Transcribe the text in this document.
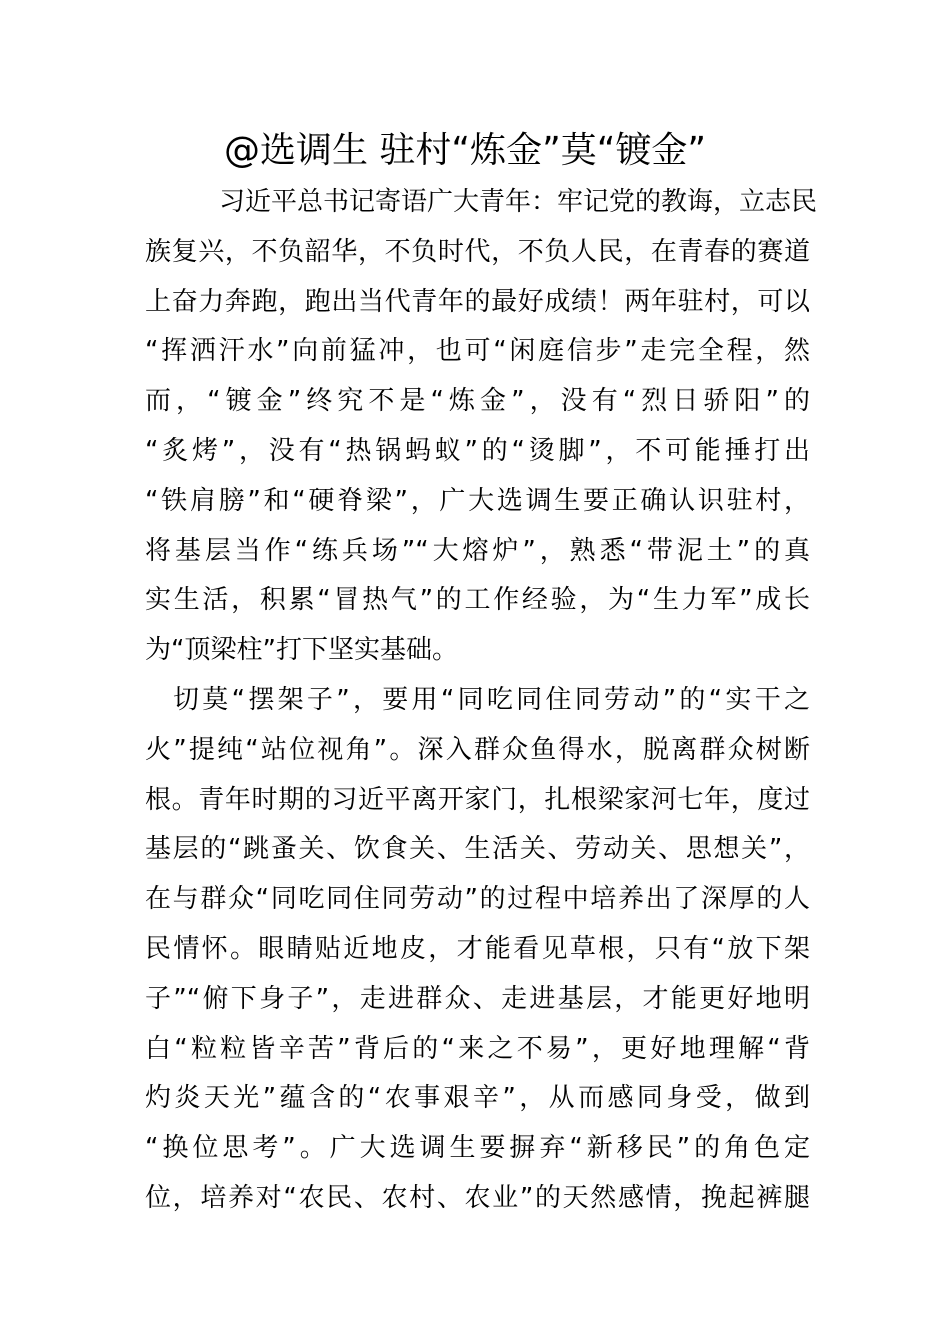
@选调生 驻村“炼金”莫“镀金”
习近平总书记寄语广大青年：牢记党的教诲，立志民
族复兴，不负韶华，不负时代，不负人民，在青春的赛道
上奋力奔跑，跑出当代青年的最好成绩！两年驻村，可以
“挥洒汗水”向前猛冲，也可“闲庭信步”走完全程，然
而，“镀金”终究不是“炼金”，没有“烈日骄阳”的
“炙烤”，没有“热锅蚂蚁”的“烫脚”，不可能捶打出
“铁肩膀”和“硬脊梁”，广大选调生要正确认识驻村，
将基层当作“练兵场”“大熔炉”，熟悉“带泥土”的真
实生活，积累“冒热气”的工作经验，为“生力军”成长
为“顶梁柱”打下坚实基础。
切莫“摆架子”，要用“同吃同住同劳动”的“实干之
火”提纯“站位视角”。深入群众鱼得水，脱离群众树断
根。青年时期的习近平离开家门，扎根梁家河七年，度过
基层的“跳蚤关、饮食关、生活关、劳动关、思想关”，
在与群众“同吃同住同劳动”的过程中培养出了深厚的人
民情怀。眼睛贴近地皮，才能看见草根，只有“放下架
子”“俯下身子”，走进群众、走进基层，才能更好地明
白“粒粒皆辛苦”背后的“来之不易”，更好地理解“背
灼炎天光”蕴含的“农事艰辛”，从而感同身受，做到
“换位思考”。广大选调生要摒弃“新移民”的角色定
位，培养对“农民、农村、农业”的天然感情，挽起裤腿
